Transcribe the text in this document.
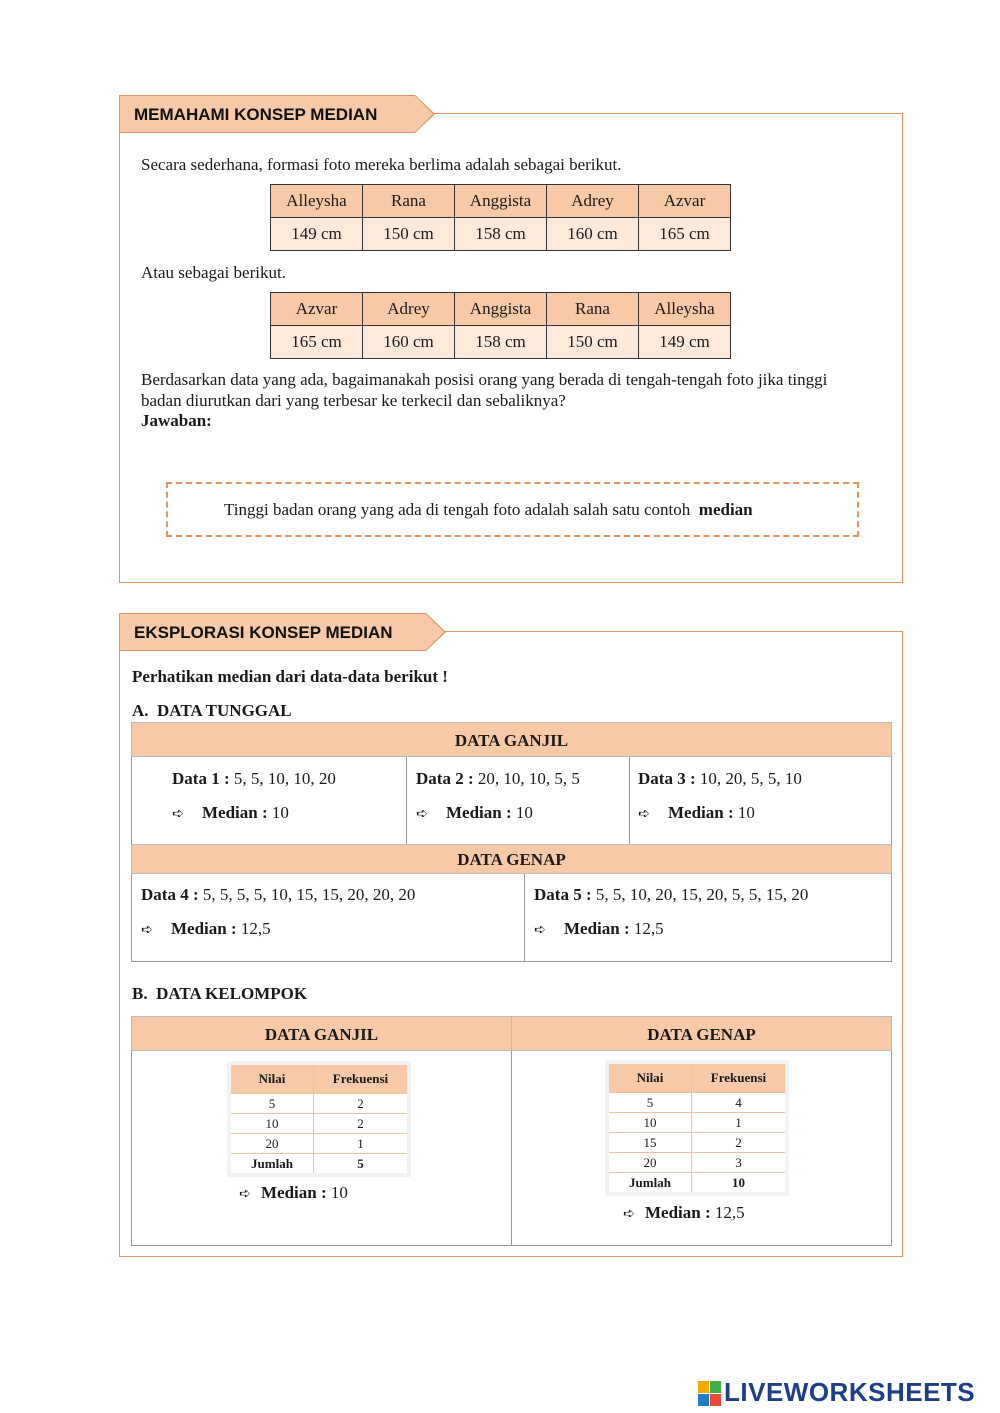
MEMAHAMI KONSEP MEDIAN
Secara sederhana, formasi foto mereka berlima adalah sebagai berikut.
Alleysha	Rana	Anggista	Adrey	Azvar
149 cm	150 cm	158 cm	160 cm	165 cm
Atau sebagai berikut.
Azvar	Adrey	Anggista	Rana	Alleysha
165 cm	160 cm	158 cm	150 cm	149 cm
Berdasarkan data yang ada, bagaimanakah posisi orang yang berada di tengah-tengah foto jika tinggi
badan diurutkan dari yang terbesar ke terkecil dan sebaliknya?
Jawaban:
Tinggi badan orang yang ada di tengah foto adalah salah satu contoh median
EKSPLORASI KONSEP MEDIAN
Perhatikan median dari data-data berikut !
A.  DATA TUNGGAL
DATA GANJIL
DATA GENAP
Data 1 : 5, 5, 10, 10, 20
➪ Median : 10
Data 2 : 20, 10, 10, 5, 5
➪ Median : 10
Data 3 : 10, 20, 5, 5, 10
➪ Median : 10
Data 4 : 5, 5, 5, 5, 10, 15, 15, 20, 20, 20
➪ Median : 12,5
Data 5 : 5, 5, 10, 20, 15, 20, 5, 5, 15, 20
➪ Median : 12,5
B.  DATA KELOMPOK
DATA GANJIL	DATA GENAP
Nilai	Frekuensi
5	2
10	2
20	1
Jumlah	5
➪ Median : 10
Nilai	Frekuensi
5	4
10	1
15	2
20	3
Jumlah	10
➪ Median : 12,5
LIVEWORKSHEETS
